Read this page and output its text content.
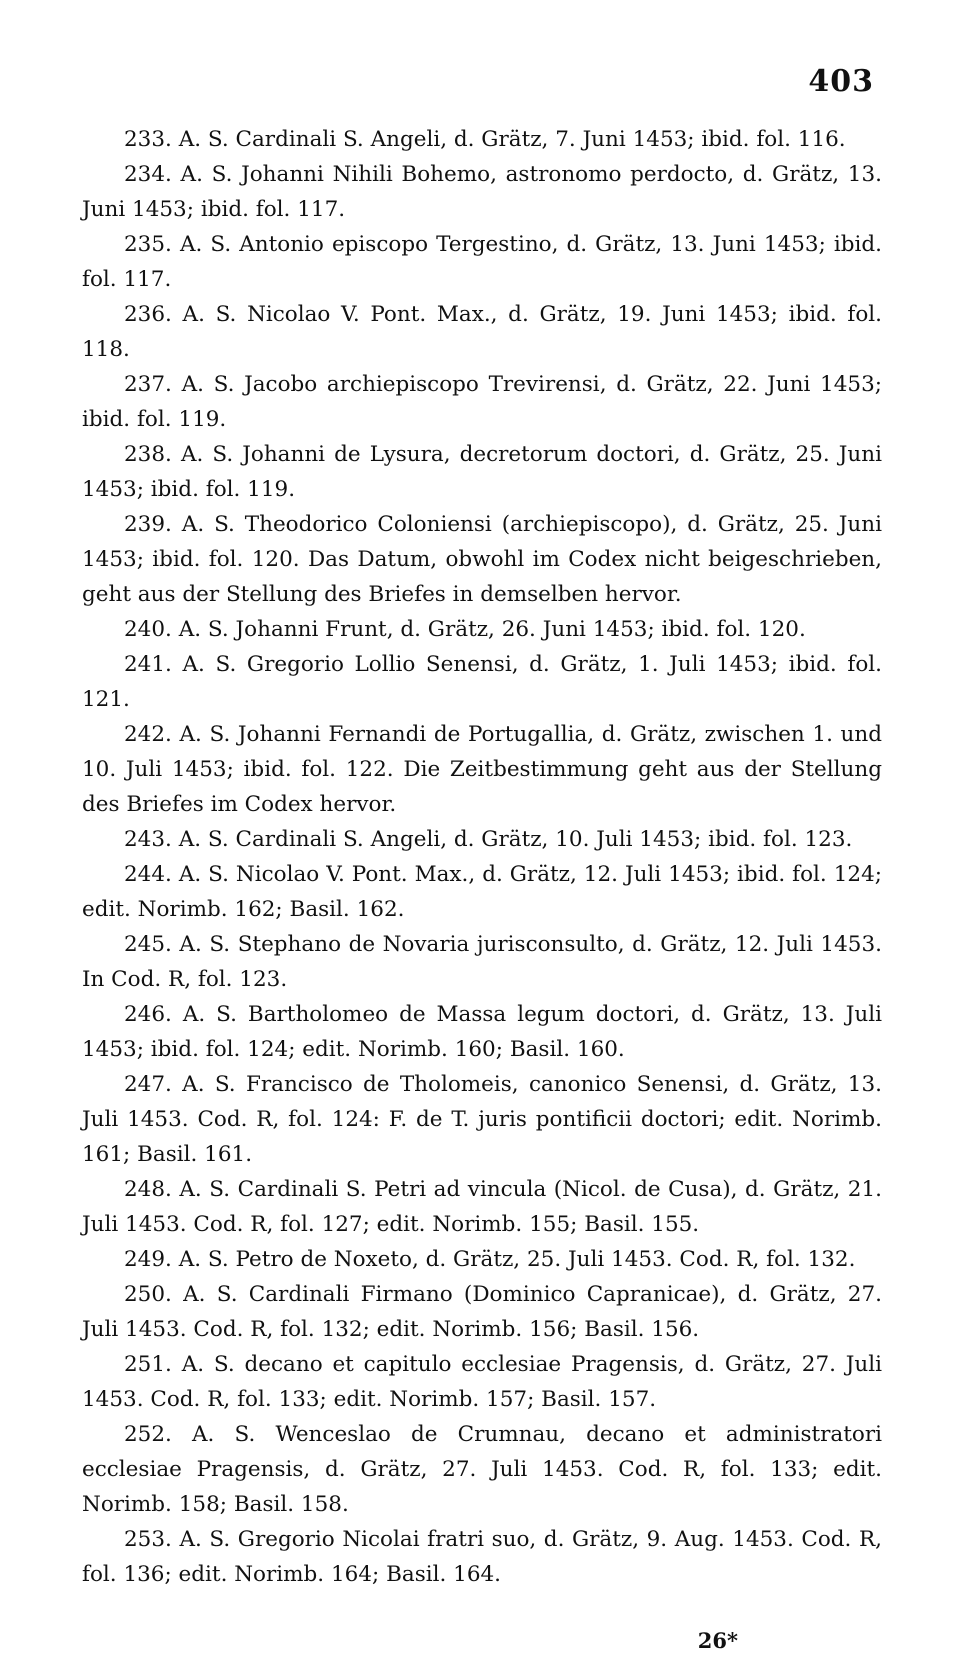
403

233. A. S. Cardinali S. Angeli, d. Grätz, 7. Juni 1453; ibid. fol. 116.

234. A. S. Johanni Nihili Bohemo, astronomo perdocto, d. Grätz, 13. Juni 1453; ibid. fol. 117.

235. A. S. Antonio episcopo Tergestino, d. Grätz, 13. Juni 1453; ibid. fol. 117.

236. A. S. Nicolao V. Pont. Max., d. Grätz, 19. Juni 1453; ibid. fol. 118.

237. A. S. Jacobo archiepiscopo Trevirensi, d. Grätz, 22. Juni 1453; ibid. fol. 119.

238. A. S. Johanni de Lysura, decretorum doctori, d. Grätz, 25. Juni 1453; ibid. fol. 119.

239. A. S. Theodorico Coloniensi (archiepiscopo), d. Grätz, 25. Juni 1453; ibid. fol. 120. Das Datum, obwohl im Codex nicht beigeschrieben, geht aus der Stellung des Briefes in demselben hervor.

240. A. S. Johanni Frunt, d. Grätz, 26. Juni 1453; ibid. fol. 120.

241. A. S. Gregorio Lollio Senensi, d. Grätz, 1. Juli 1453; ibid. fol. 121.

242. A. S. Johanni Fernandi de Portugallia, d. Grätz, zwischen 1. und 10. Juli 1453; ibid. fol. 122. Die Zeitbestimmung geht aus der Stellung des Briefes im Codex hervor.

243. A. S. Cardinali S. Angeli, d. Grätz, 10. Juli 1453; ibid. fol. 123.

244. A. S. Nicolao V. Pont. Max., d. Grätz, 12. Juli 1453; ibid. fol. 124; edit. Norimb. 162; Basil. 162.

245. A. S. Stephano de Novaria jurisconsulto, d. Grätz, 12. Juli 1453. In Cod. R, fol. 123.

246. A. S. Bartholomeo de Massa legum doctori, d. Grätz, 13. Juli 1453; ibid. fol. 124; edit. Norimb. 160; Basil. 160.

247. A. S. Francisco de Tholomeis, canonico Senensi, d. Grätz, 13. Juli 1453. Cod. R, fol. 124: F. de T. juris pontificii doctori; edit. Norimb. 161; Basil. 161.

248. A. S. Cardinali S. Petri ad vincula (Nicol. de Cusa), d. Grätz, 21. Juli 1453. Cod. R, fol. 127; edit. Norimb. 155; Basil. 155.

249. A. S. Petro de Noxeto, d. Grätz, 25. Juli 1453. Cod. R, fol. 132.

250. A. S. Cardinali Firmano (Dominico Capranicae), d. Grätz, 27. Juli 1453. Cod. R, fol. 132; edit. Norimb. 156; Basil. 156.

251. A. S. decano et capitulo ecclesiae Pragensis, d. Grätz, 27. Juli 1453. Cod. R, fol. 133; edit. Norimb. 157; Basil. 157.

252. A. S. Wenceslao de Crumnau, decano et administratori ecclesiae Pragensis, d. Grätz, 27. Juli 1453. Cod. R, fol. 133; edit. Norimb. 158; Basil. 158.

253. A. S. Gregorio Nicolai fratri suo, d. Grätz, 9. Aug. 1453. Cod. R, fol. 136; edit. Norimb. 164; Basil. 164.

26*
